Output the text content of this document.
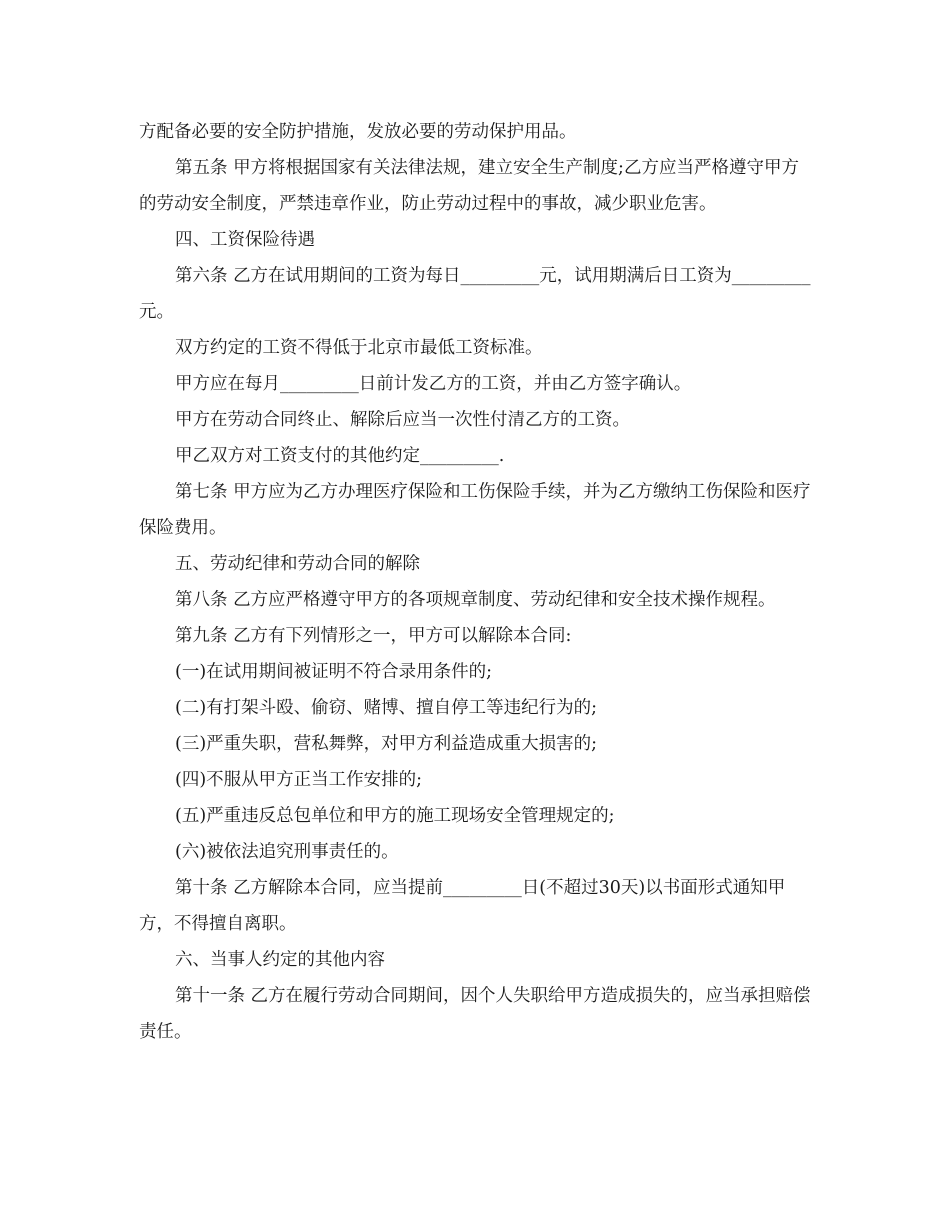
方配备必要的安全防护措施，发放必要的劳动保护用品。

第五条 甲方将根据国家有关法律法规，建立安全生产制度;乙方应当严格遵守甲方的劳动安全制度，严禁违章作业，防止劳动过程中的事故，减少职业危害。

四、工资保险待遇

第六条 乙方在试用期间的工资为每日_________元，试用期满后日工资为_________元。

双方约定的工资不得低于北京市最低工资标准。

甲方应在每月_________日前计发乙方的工资，并由乙方签字确认。

甲方在劳动合同终止、解除后应当一次性付清乙方的工资。

甲乙双方对工资支付的其他约定_________.

第七条 甲方应为乙方办理医疗保险和工伤保险手续，并为乙方缴纳工伤保险和医疗保险费用。

五、劳动纪律和劳动合同的解除

第八条 乙方应严格遵守甲方的各项规章制度、劳动纪律和安全技术操作规程。

第九条 乙方有下列情形之一，甲方可以解除本合同:

(一)在试用期间被证明不符合录用条件的;

(二)有打架斗殴、偷窃、赌博、擅自停工等违纪行为的;

(三)严重失职，营私舞弊，对甲方利益造成重大损害的;

(四)不服从甲方正当工作安排的;

(五)严重违反总包单位和甲方的施工现场安全管理规定的;

(六)被依法追究刑事责任的。

第十条 乙方解除本合同，应当提前_________日(不超过30天)以书面形式通知甲方，不得擅自离职。

六、当事人约定的其他内容

第十一条 乙方在履行劳动合同期间，因个人失职给甲方造成损失的，应当承担赔偿责任。
